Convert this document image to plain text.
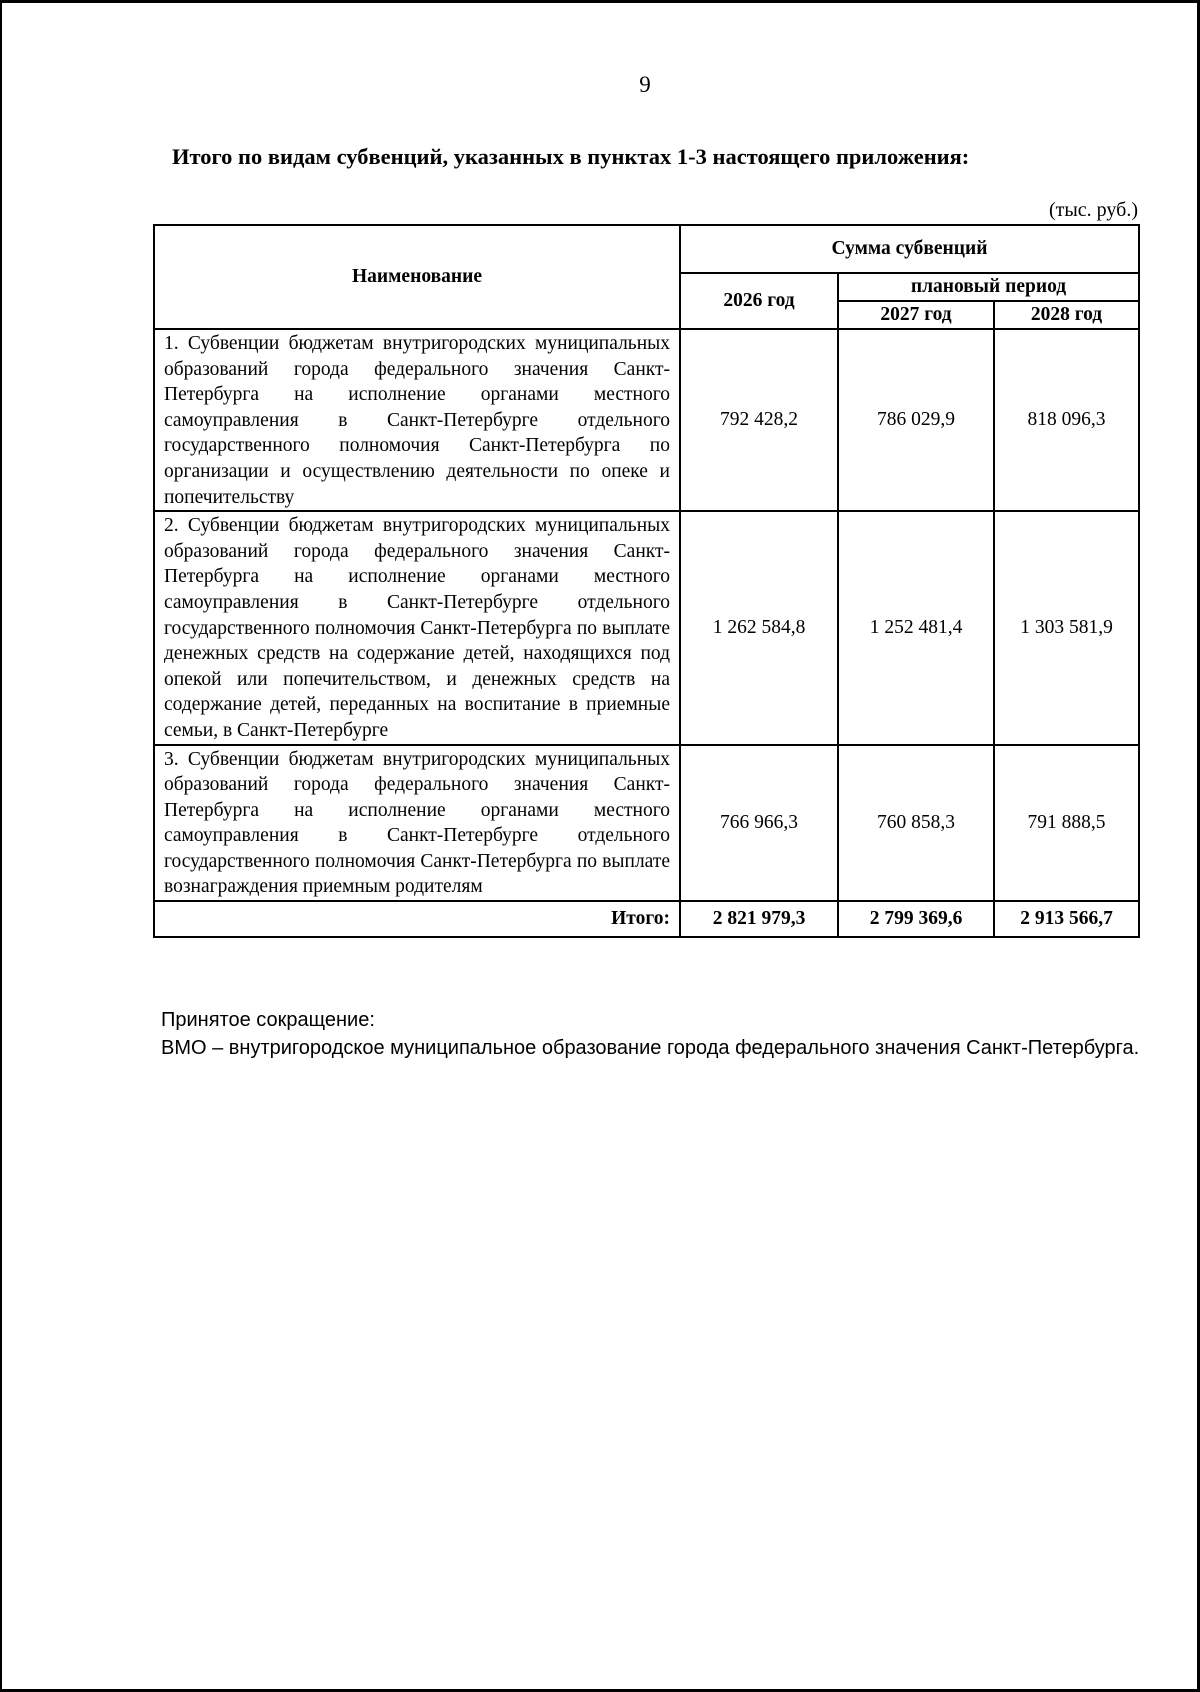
9
Итого по видам субвенций, указанных в пунктах 1-3 настоящего приложения:
(тыс. руб.)
Наименование	Сумма субвенций		
	2026 год	плановый период	
		2027 год	2028 год
1. Субвенции бюджетам внутригородских муниципальных образований города федерального значения Санкт-Петербурга на исполнение органами местного самоуправления в Санкт-Петербурге отдельного государственного полномочия Санкт-Петербурга по организации и осуществлению деятельности по опеке и попечительству	792 428,2	786 029,9	818 096,3
2. Субвенции бюджетам внутригородских муниципальных образований города федерального значения Санкт-Петербурга на исполнение органами местного самоуправления в Санкт-Петербурге отдельного государственного полномочия Санкт-Петербурга по выплате денежных средств на содержание детей, находящихся под опекой или попечительством, и денежных средств на содержание детей, переданных на воспитание в приемные семьи, в Санкт-Петербурге	1 262 584,8	1 252 481,4	1 303 581,9
3. Субвенции бюджетам внутригородских муниципальных образований города федерального значения Санкт-Петербурга на исполнение органами местного самоуправления в Санкт-Петербурге отдельного государственного полномочия Санкт-Петербурга по выплате вознаграждения приемным родителям	766 966,3	760 858,3	791 888,5
Итого:	2 821 979,3	2 799 369,6	2 913 566,7
Принятое сокращение:
ВМО – внутригородское муниципальное образование города федерального значения Санкт-Петербурга.
